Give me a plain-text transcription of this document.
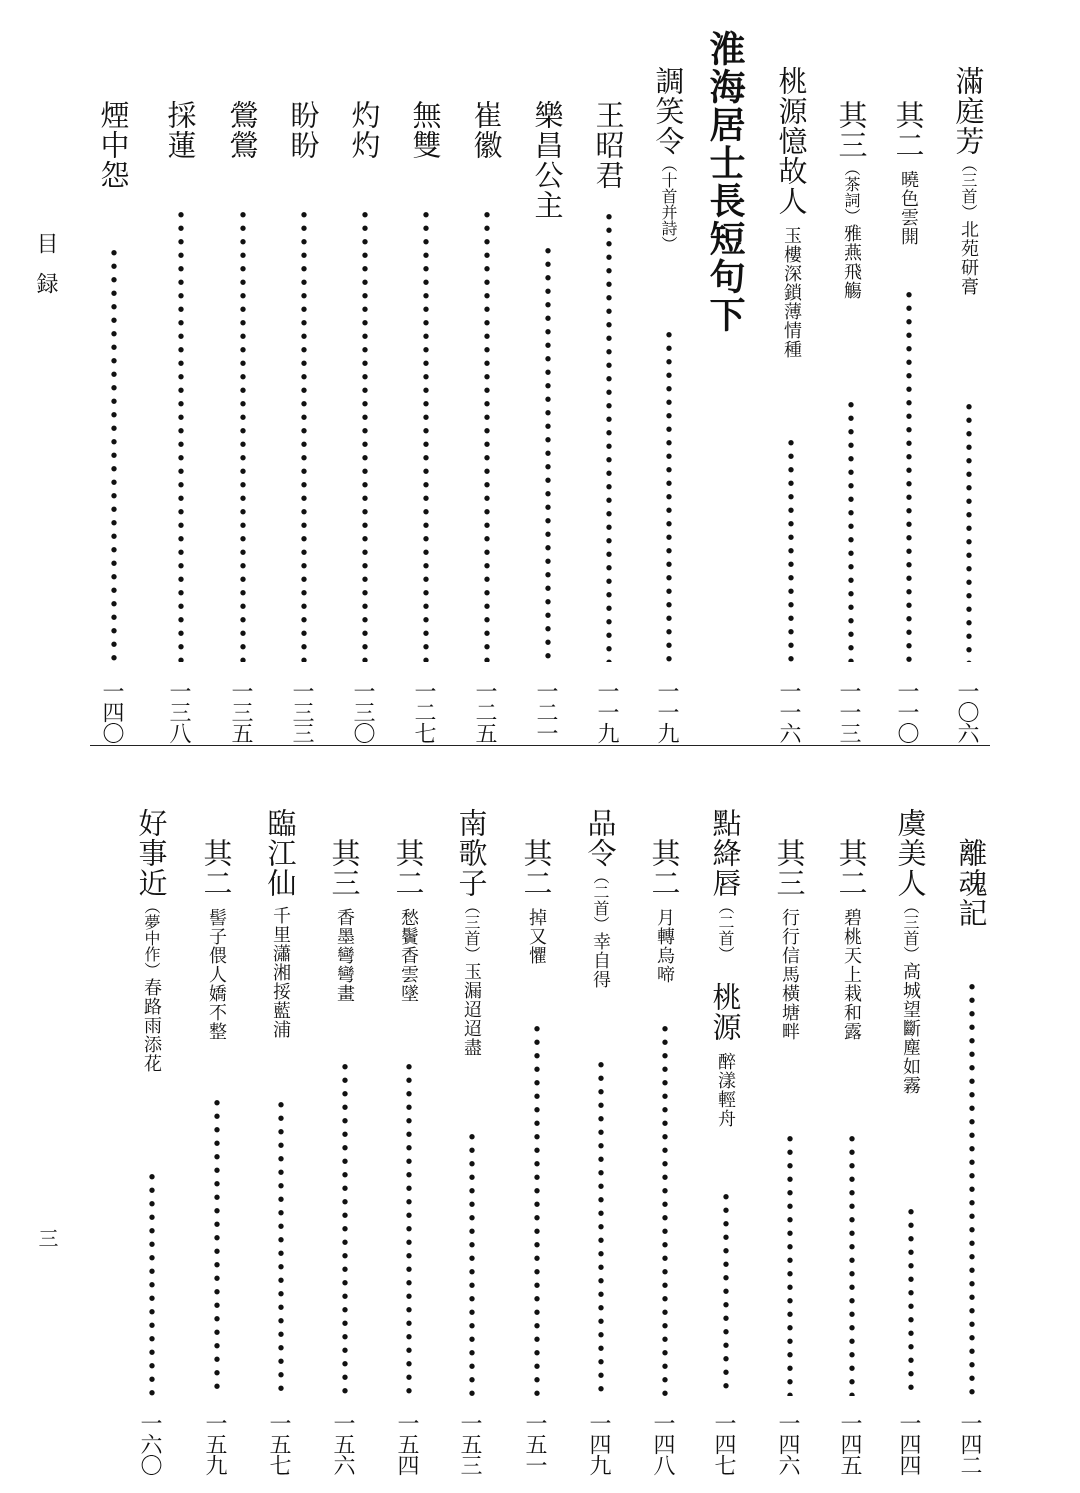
目録
三
滿庭芳
（三首）
北苑研膏
一〇六
其二
曉色雲開
一一〇
其三
（茶詞）
雅燕飛觴
一一三
桃源憶故人
玉樓深鎖薄情種
一一六
淮海居士長短句下
調笑令
（十首并詩）
一一九
王昭君
一一九
樂昌公主
一二一
崔徽
一二五
無雙
一二七
灼灼
一三〇
盼盼
一三三
鶯鶯
一三五
採蓮
一三八
煙中怨
一四〇
離魂記
一四二
虞美人
（三首）
高城望斷塵如霧
一四四
其二
碧桃天上栽和露
一四五
其三
行行信馬橫塘畔
一四六
點絳唇
（二首）
桃源
醉漾輕舟
一四七
其二
月轉烏啼
一四八
品令
（二首）
幸自得
一四九
其二
掉又懼
一五一
南歌子
（三首）
玉漏迢迢盡
一五三
其二
愁鬢香雲墜
一五四
其三
香墨彎彎畫
一五六
臨江仙
千里瀟湘挼藍浦
一五七
其二
髻子偎人嬌不整
一五九
好事近
（夢中作）
春路雨添花
一六〇
